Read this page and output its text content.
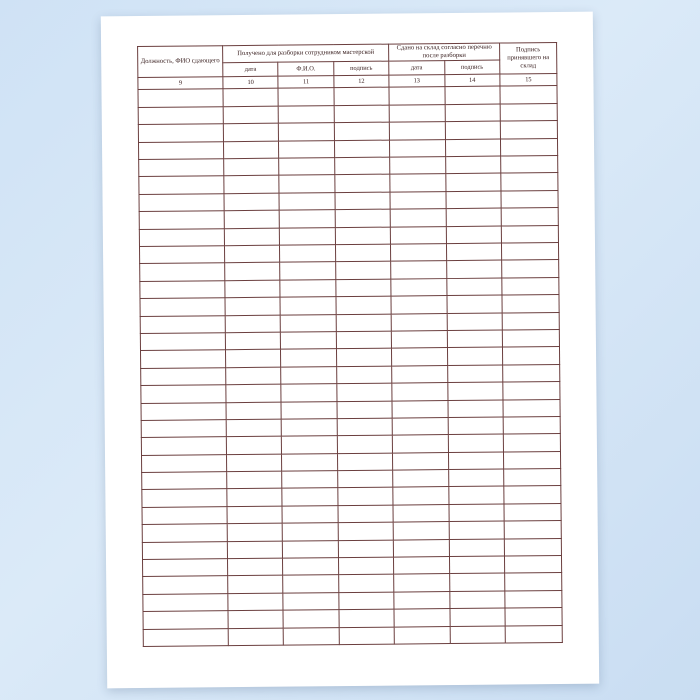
Должность, ФИО сдающего	Получено для разборки сотрудником мастерской			Сдано на склад согласно перечню после разборки		Подпись принявшего на склад
	дата	Ф.И.О.	подпись	дата	подпись	
9	10	11	12	13	14	15
